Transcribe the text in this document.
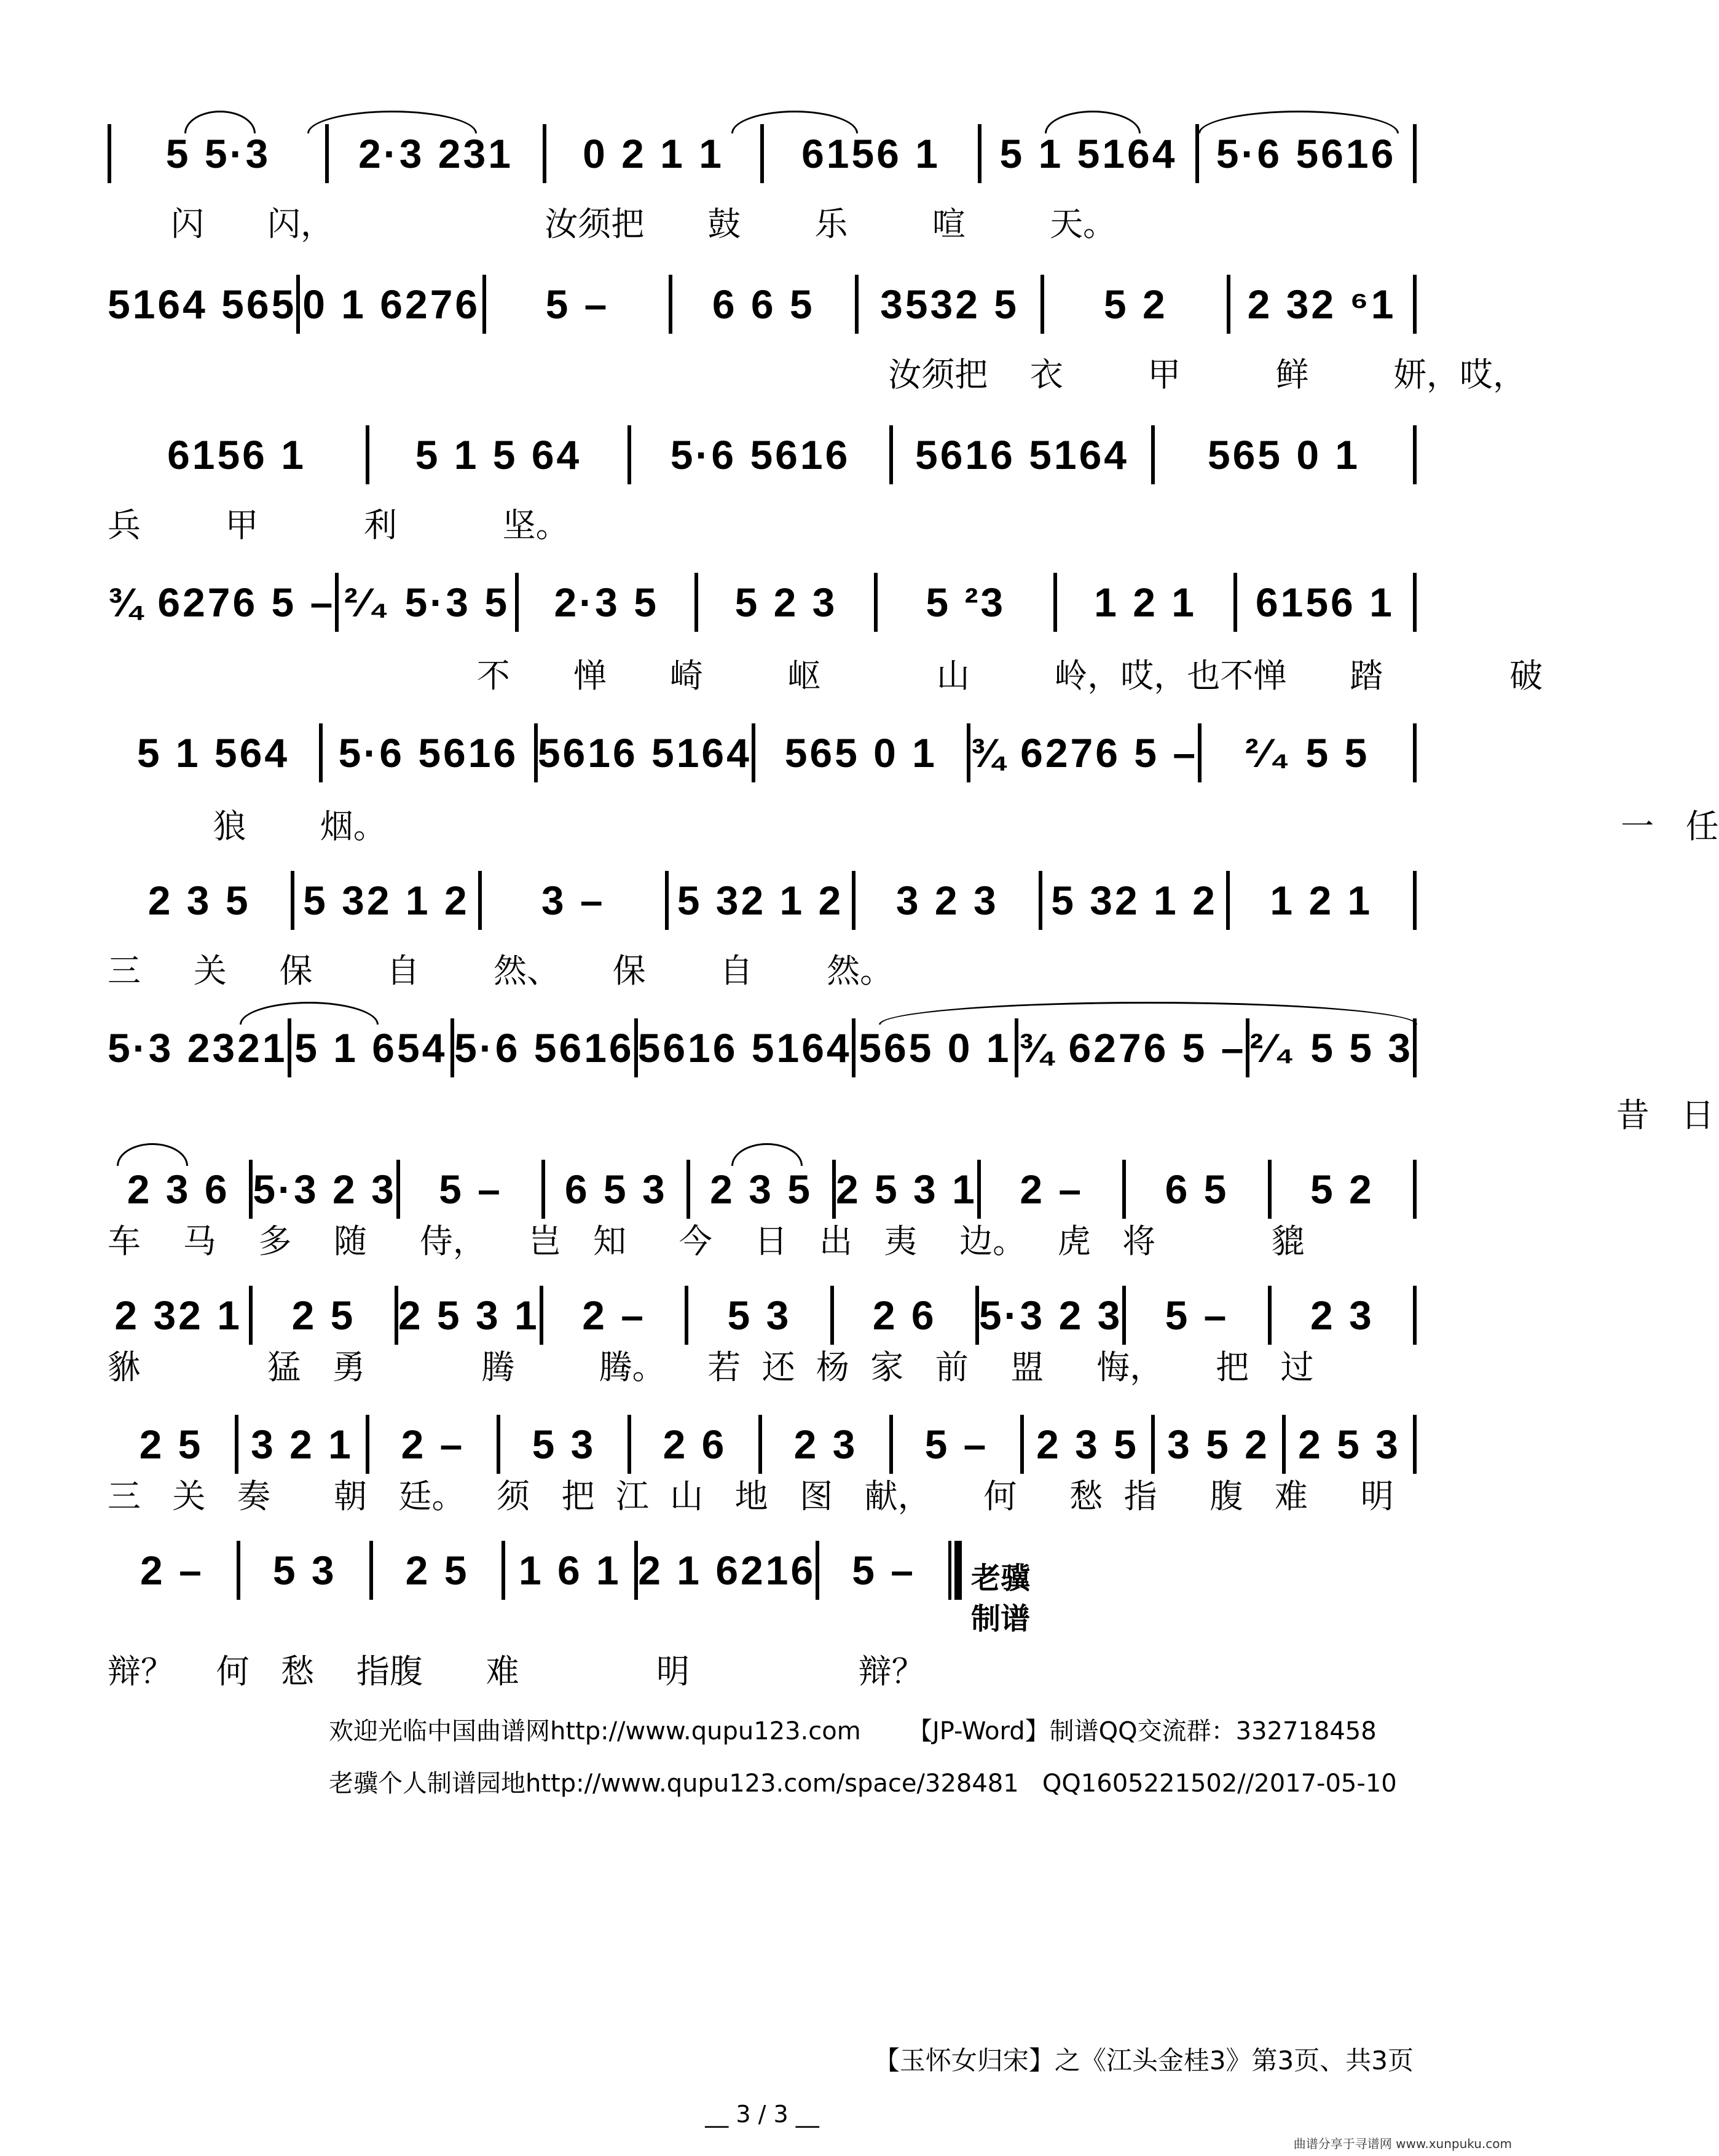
5 5·3 2·3 231 0 2 1 1 6156 1 5 1 5164 5·6 5616
闪      闪，                    汝须把      鼓       乐        喧        天。
5164 565 0 1 6276 5 –	6 6 5 3532 5 5 2 2 32 ⁶1
汝须把    衣        甲         鲜        妍，哎，
6156 1	5 1 5 64 5·6 5616 5616 5164 565 0 1
兵        甲          利          坚。
¾ 6276 5 – ²⁄₄ 5·3 5 2·3 5 5 2 3 5 ²3 1 2 1 6156 1
不      惮      崎        岖           山        岭，哎，也不惮      踏            破
5 1 564 5·6 5616 5616 5164 565 0 1 ¾ 6276 5 – ²⁄₄ 5 5
狼       烟。                                                                                                                     一   任
2 3 5 5 32 1 2 3 – 5 32 1 2 3 2 3 5 32 1 2 1 2 1
三     关     保       自       然、     保       自       然。
5·3 2321 5 1 654 5·6 5616 5616 5164 565 0 1 ¾ 6276 5 – ²⁄₄ 5 5 3
昔   日
2 3 6 5·3 2 3 5 – 6 5 3 2 3 5 2 5 3 1 2 – 6 5 5 2
车    马    多    随     侍，    岂   知     今    日   出   夷    边。   虎   将           貔
2 32 1 2 5 2 5 3 1 2 – 5 3 2 6 5·3 2 3 5 – 2 3
貅            猛   勇           腾        腾。    若  还  杨  家   前    盟     悔，     把   过
2 5 3 2 1 2 – 5 3 2 6 2 3 5 – 2 3 5 3 5 2 2 5 3
三   关   奏      朝   廷。   须   把  江  山   地   图   献，     何     愁  指     腹   难     明
2 – 5 3 2 5 1 6 1 2 1 6216 5 – 老骥
制谱
辩？    何   愁    指腹      难             明                辩？
欢迎光临中国曲谱网http://www.qupu123.com      【JP-Word】制谱QQ交流群：332718458
老骥个人制谱园地http://www.qupu123.com/space/328481   QQ1605221502//2017-05-10
【玉怀女归宋】之《江头金桂3》第3页、共3页
__ 3 / 3 __
曲谱分享于寻谱网 www.xunpuku.com
